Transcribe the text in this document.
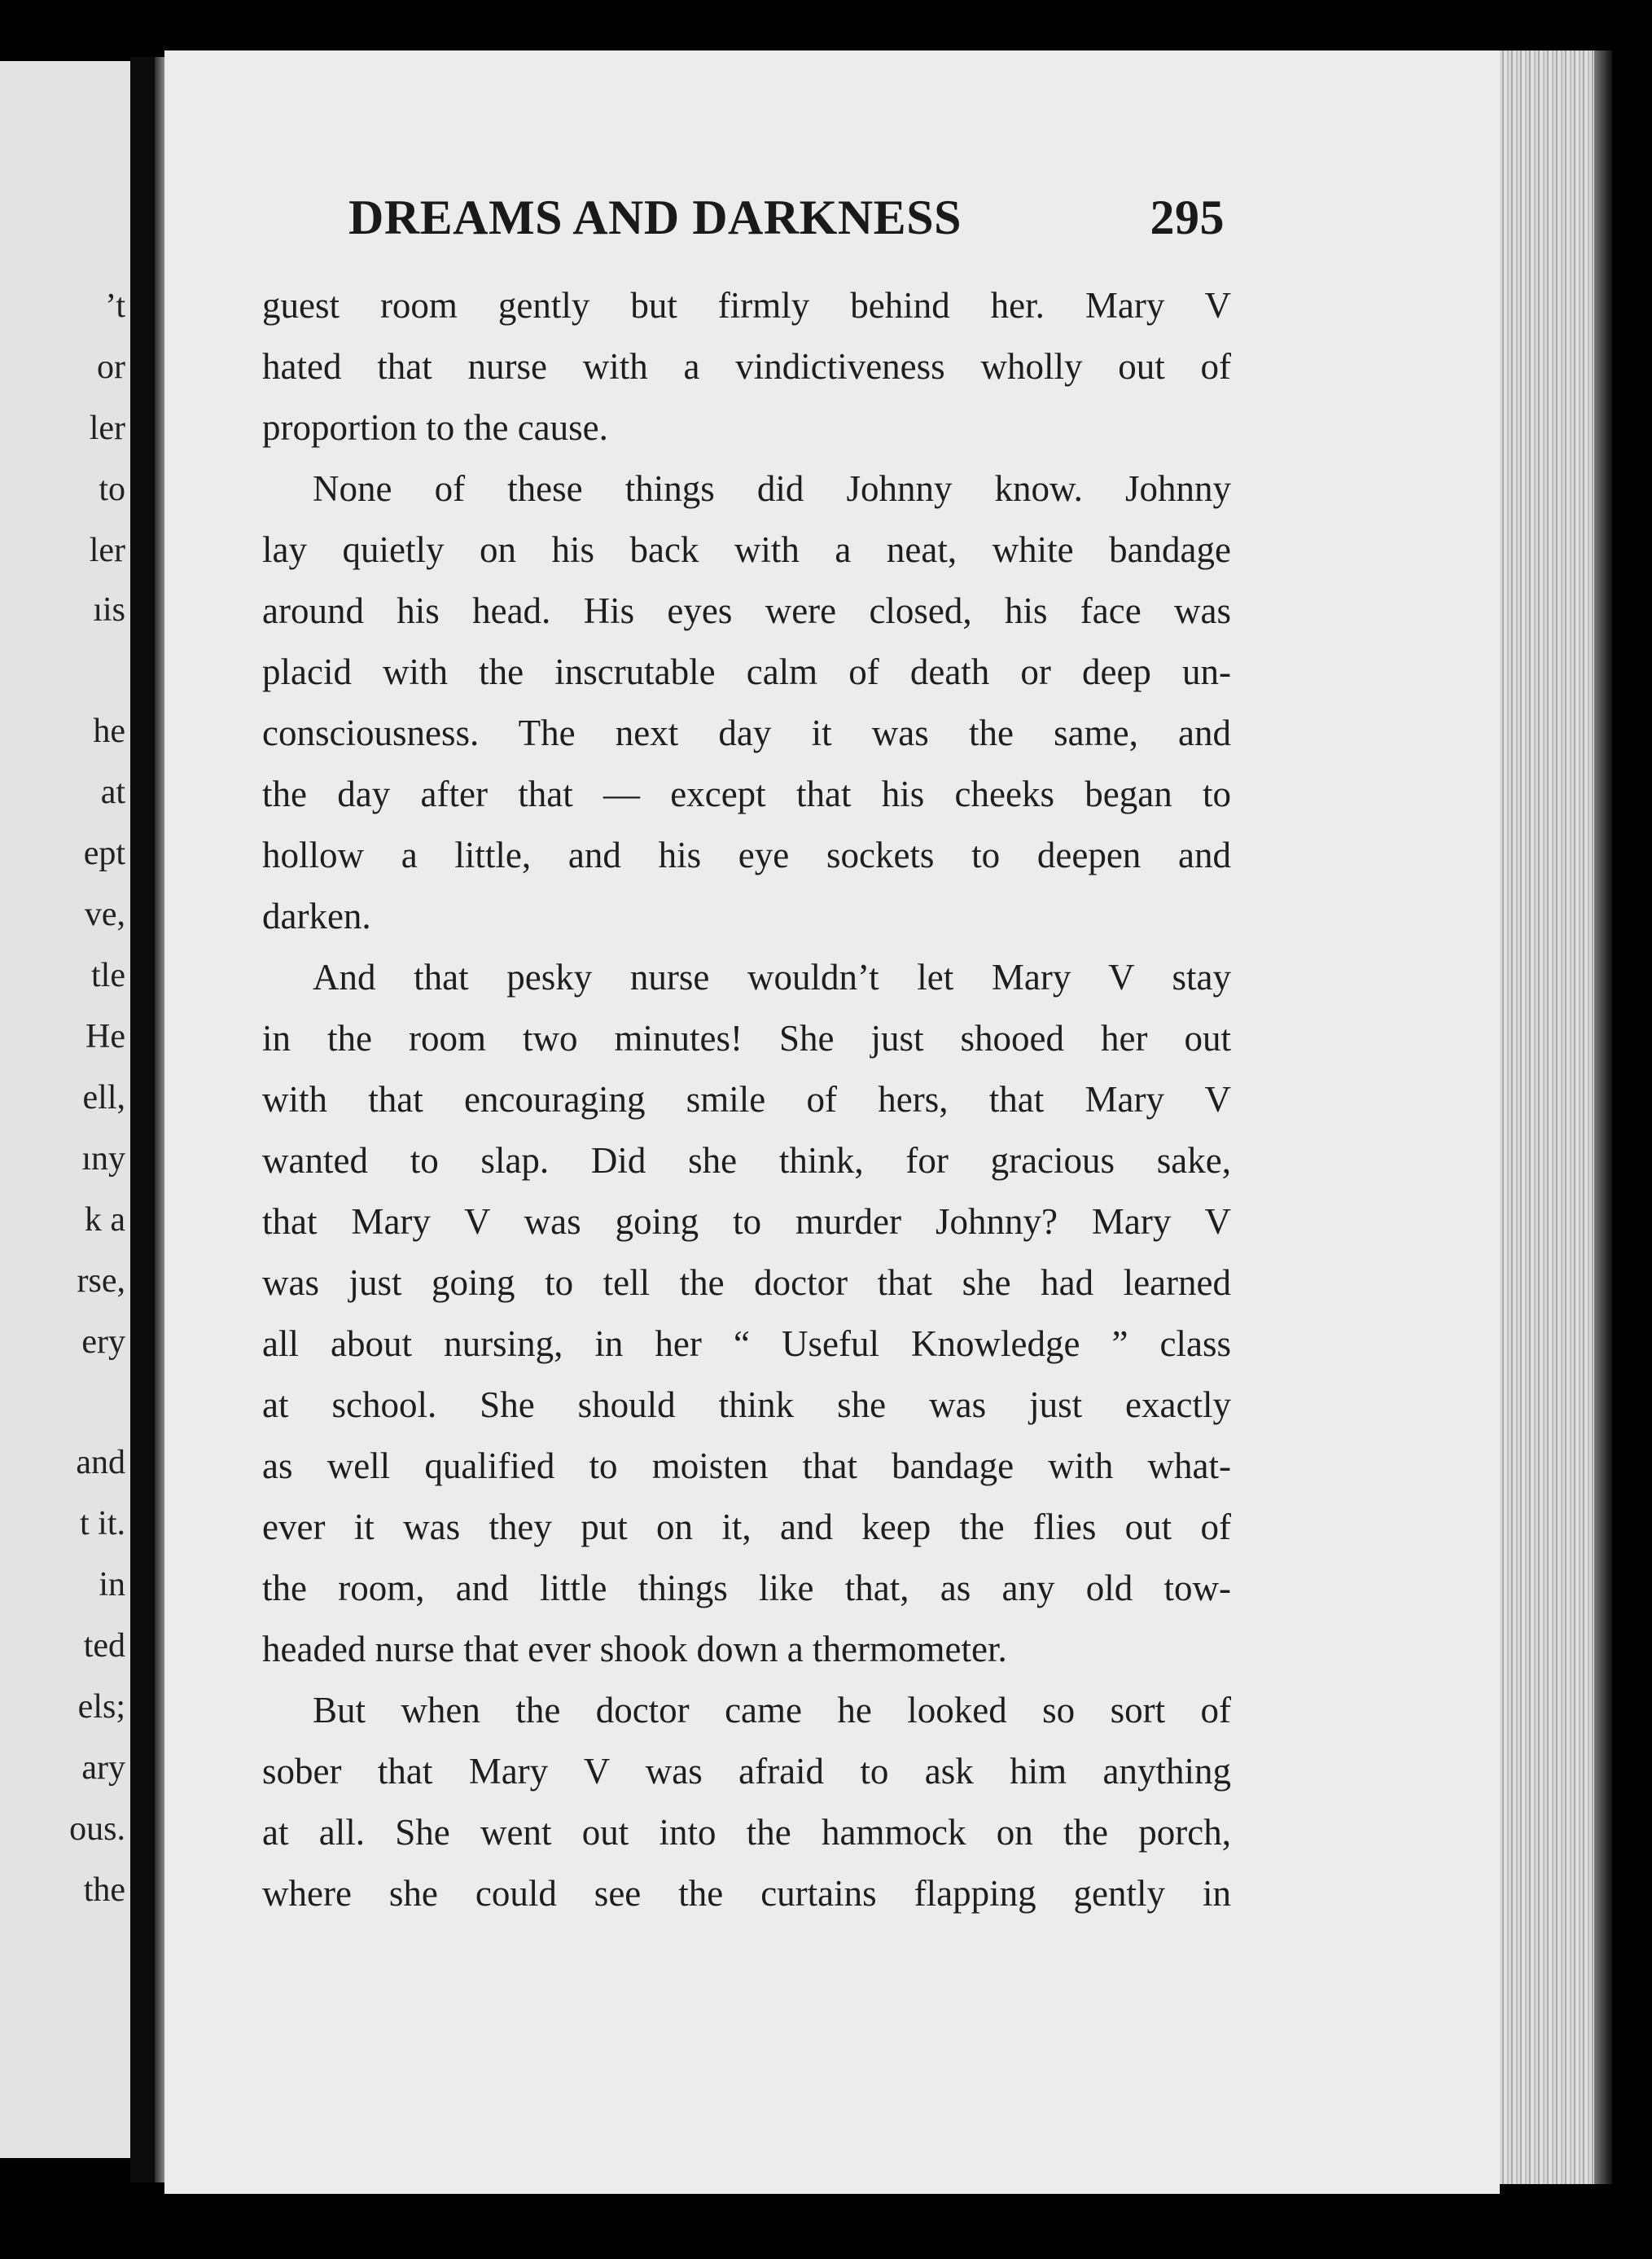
’t
or
ler
to
ler
ıis
he
at
ept
ve,
tle
He
ell,
ıny
k a
rse,
ery
and
t it.
in
ted
els;
ary
ous.
the
DREAMS AND DARKNESS	295
guest room gently but firmly behind her. Mary V
hated that nurse with a vindictiveness wholly out of
proportion to the cause.
None of these things did Johnny know. Johnny
lay quietly on his back with a neat, white bandage
around his head. His eyes were closed, his face was
placid with the inscrutable calm of death or deep un-
consciousness. The next day it was the same, and
the day after that — except that his cheeks began to
hollow a little, and his eye sockets to deepen and
darken.
And that pesky nurse wouldn’t let Mary V stay
in the room two minutes! She just shooed her out
with that encouraging smile of hers, that Mary V
wanted to slap. Did she think, for gracious sake,
that Mary V was going to murder Johnny? Mary V
was just going to tell the doctor that she had learned
all about nursing, in her “ Useful Knowledge ” class
at school. She should think she was just exactly
as well qualified to moisten that bandage with what-
ever it was they put on it, and keep the flies out of
the room, and little things like that, as any old tow-
headed nurse that ever shook down a thermometer.
But when the doctor came he looked so sort of
sober that Mary V was afraid to ask him anything
at all. She went out into the hammock on the porch,
where she could see the curtains flapping gently in
